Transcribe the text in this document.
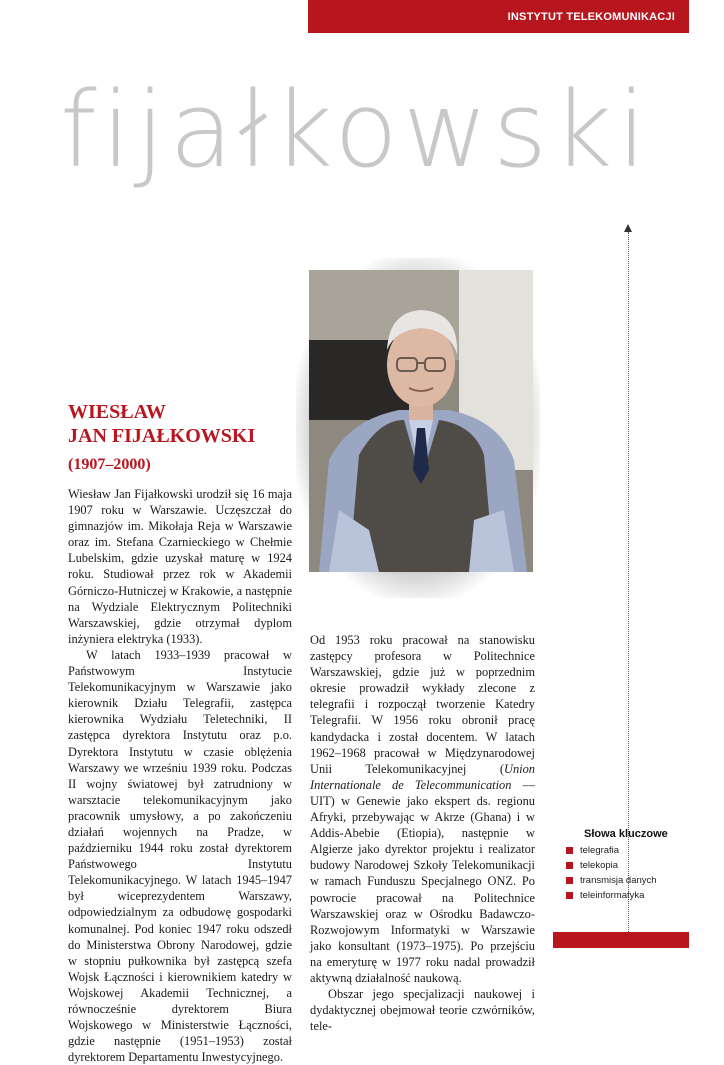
INSTYTUT TELEKOMUNIKACJI
fijałkowski
WIESŁAW
JAN FIJAŁKOWSKI
(1907–2000)

Wiesław Jan Fijałkowski urodził się 16 maja 1907 roku w Warszawie. Uczęszczał do gimnazjów im. Mikołaja Reja w Warszawie oraz im. Stefana Czarnieckiego w Chełmie Lubelskim, gdzie uzyskał maturę w 1924 roku. Studiował przez rok w Akademii Górniczo-Hutniczej w Krakowie, a następnie na Wydziale Elektrycznym Politechniki Warszawskiej, gdzie otrzymał dyplom inżyniera elektryka (1933).

W latach 1933–1939 pracował w Państwowym Instytucie Telekomunikacyjnym w Warszawie jako kierownik Działu Telegrafii, zastępca kierownika Wydziału Teletechniki, II zastępca dyrektora Instytutu oraz p.o. Dyrektora Instytutu w czasie oblężenia Warszawy we wrześniu 1939 roku. Podczas II wojny światowej był zatrudniony w warsztacie telekomunikacyjnym jako pracownik umysłowy, a po zakończeniu działań wojennych na Pradze, w październiku 1944 roku został dyrektorem Państwowego Instytutu Telekomunikacyjnego. W latach 1945–1947 był wiceprezydentem Warszawy, odpowiedzialnym za odbudowę gospodarki komunalnej. Pod koniec 1947 roku odszedł do Ministerstwa Obrony Narodowej, gdzie w stopniu pułkownika był zastępcą szefa Wojsk Łączności i kierownikiem katedry w Wojskowej Akademii Technicznej, a równocześnie dyrektorem Biura Wojskowego w Ministerstwie Łączności, gdzie następnie (1951–1953) został dyrektorem Departamentu Inwestycyjnego.

Od 1953 roku pracował na stanowisku zastępcy profesora w Politechnice Warszawskiej, gdzie już w poprzednim okresie prowadził wykłady zlecone z telegrafii i rozpoczął tworzenie Katedry Telegrafii. W 1956 roku obronił pracę kandydacka i został docentem. W latach 1962–1968 pracował w Międzynarodowej Unii Telekomunikacyjnej (Union Internationale de Telecommunication — UIT) w Genewie jako ekspert ds. regionu Afryki, przebywając w Akrze (Ghana) i w Addis-Abebie (Etiopia), następnie w Algierze jako dyrektor projektu i realizator budowy Narodowej Szkoły Telekomunikacji w ramach Funduszu Specjalnego ONZ. Po powrocie pracował na Politechnice Warszawskiej oraz w Ośrodku Badawczo-Rozwojowym Informatyki w Warszawie jako konsultant (1973–1975). Po przejściu na emeryturę w 1977 roku nadal prowadził aktywną działalność naukową.

Obszar jego specjalizacji naukowej i dydaktycznej obejmował teorie czwórników, tele-

Słowa kluczowe
telegrafia
telekopia
transmisja danych
teleinformatyka
